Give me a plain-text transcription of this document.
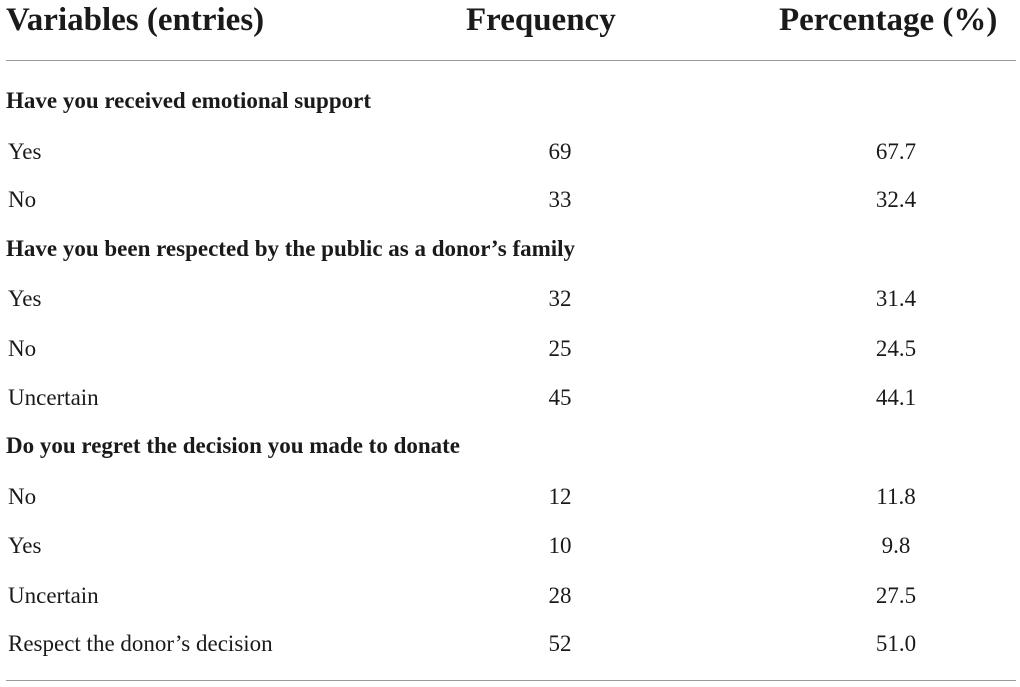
Variables (entries)	Frequency	Percentage (%)
Have you received emotional support
Yes	69	67.7
No	33	32.4
Have you been respected by the public as a donor’s family
Yes	32	31.4
No	25	24.5
Uncertain	45	44.1
Do you regret the decision you made to donate
No	12	11.8
Yes	10	9.8
Uncertain	28	27.5
Respect the donor’s decision	52	51.0
